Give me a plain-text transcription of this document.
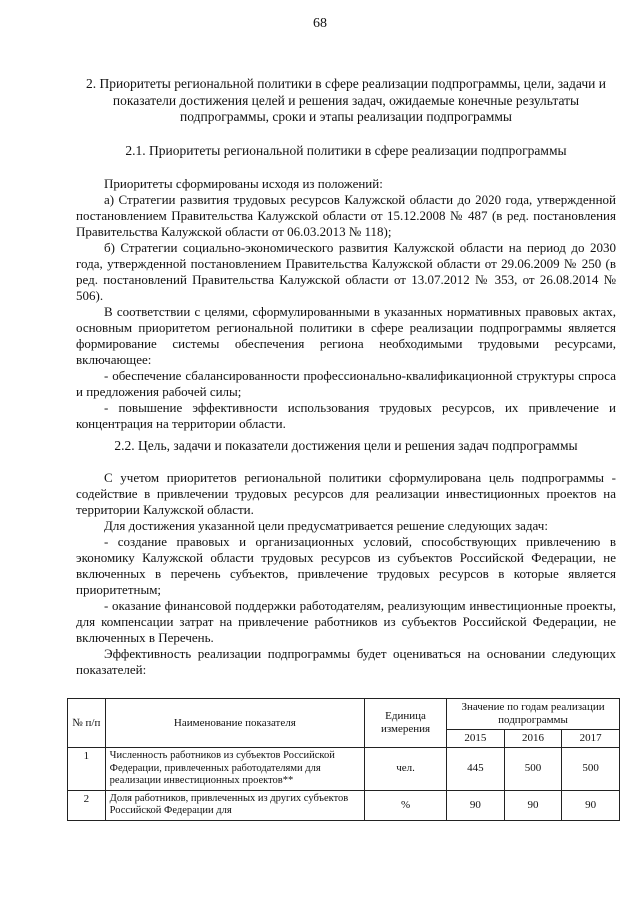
68
2. Приоритеты региональной политики в сфере реализации подпрограммы, цели, задачи и показатели достижения целей и решения задач, ожидаемые конечные результаты подпрограммы, сроки и этапы реализации подпрограммы
2.1. Приоритеты региональной политики в сфере реализации подпрограммы

Приоритеты сформированы исходя из положений:

а) Стратегии развития трудовых ресурсов Калужской области до 2020 года, утвержденной постановлением Правительства Калужской области от 15.12.2008 № 487 (в ред. постановления Правительства Калужской области от 06.03.2013 № 118);

б) Стратегии социально-экономического развития Калужской области на период до 2030 года, утвержденной постановлением Правительства Калужской области от 29.06.2009 № 250 (в ред. постановлений Правительства Калужской области от 13.07.2012 № 353, от 26.08.2014 № 506).

В соответствии с целями, сформулированными в указанных нормативных правовых актах, основным приоритетом региональной политики в сфере реализации подпрограммы является формирование системы обеспечения региона необходимыми трудовыми ресурсами, включающее:

- обеспечение сбалансированности профессионально-квалификационной структуры спроса и предложения рабочей силы;

- повышение эффективности использования трудовых ресурсов, их привлечение и концентрация на территории области.

2.2. Цель, задачи и показатели достижения цели и решения задач подпрограммы

С учетом приоритетов региональной политики сформулирована цель подпрограммы - содействие в привлечении трудовых ресурсов для реализации инвестиционных проектов на территории Калужской области.

Для достижения указанной цели предусматривается решение следующих задач:

- создание правовых и организационных условий, способствующих привлечению в экономику Калужской области трудовых ресурсов из субъектов Российской Федерации, не включенных в перечень субъектов, привлечение трудовых ресурсов в которые является приоритетным;

- оказание финансовой поддержки работодателям, реализующим инвестиционные проекты, для компенсации затрат на привлечение работников из субъектов Российской Федерации, не включенных в Перечень.

Эффективность реализации подпрограммы будет оцениваться на основании следующих показателей:

№ п/п	Наименование показателя	Единица измерения	Значение по годам реализации подпрограммы		
			2015	2016	2017
1	Численность работников из субъектов Российской Федерации, привлеченных работодателями для реализации инвестиционных проектов**	чел.	445	500	500
2	Доля работников, привлеченных из других субъектов Российской Федерации для	%	90	90	90
